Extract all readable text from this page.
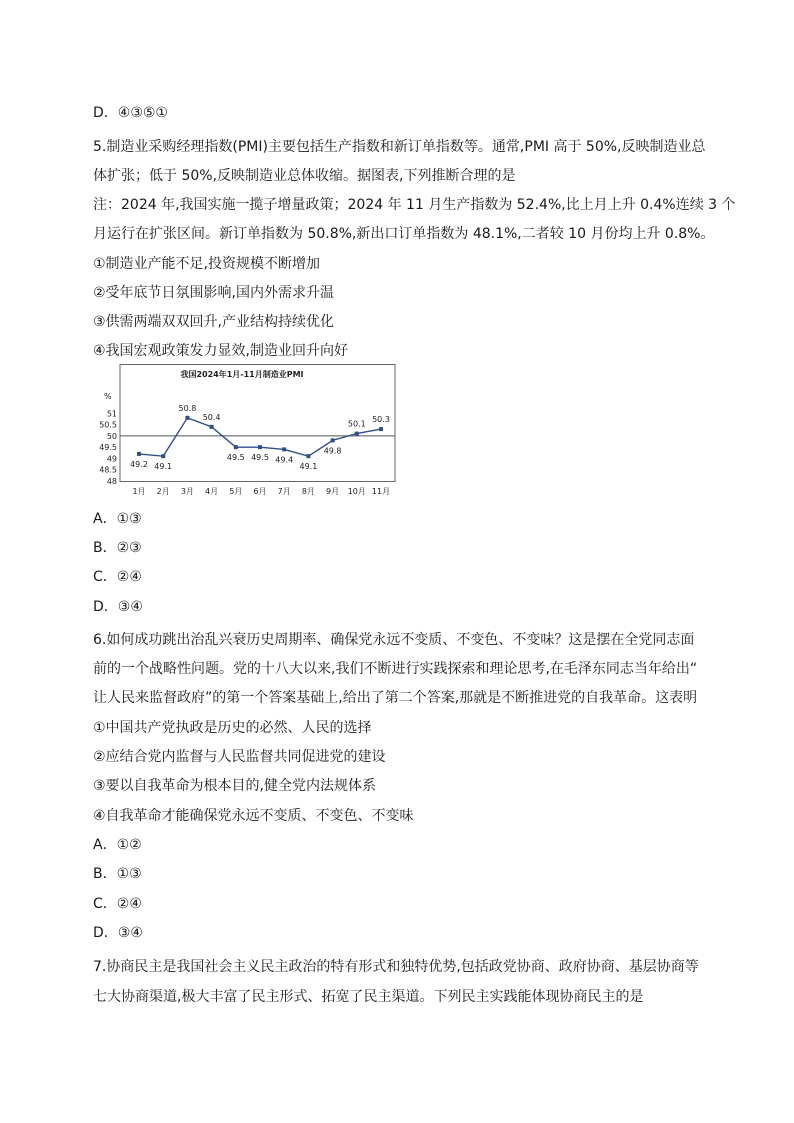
D．④③⑤①
5.制造业采购经理指数(PMI)主要包括生产指数和新订单指数等。通常,PMI 高于 50%,反映制造业总
体扩张；低于 50%,反映制造业总体收缩。据图表,下列推断合理的是
注：2024 年,我国实施一揽子增量政策；2024 年 11 月生产指数为 52.4%,比上月上升 0.4%连续 3 个
月运行在扩张区间。新订单指数为 50.8%,新出口订单指数为 48.1%,二者较 10 月份均上升 0.8%。
①制造业产能不足,投资规模不断增加
②受年底节日氛围影响,国内外需求升温
③供需两端双双回升,产业结构持续优化
④我国宏观政策发力显效,制造业回升向好
我国2024年1月-11月制造业PMI
%
51
50.5
50
49.5
49
48.5
48
49.2 49.1
50.8
50.4
49.5 49.5 49.4
49.1
49.8
50.1
50.3
1月 2月 3月 4月 5月 6月 7月 8月 9月 10月 11月
A．①③
B．②③
C．②④
D．③④
6.如何成功跳出治乱兴衰历史周期率、确保党永远不变质、不变色、不变味？这是摆在全党同志面
前的一个战略性问题。党的十八大以来,我们不断进行实践探索和理论思考,在毛泽东同志当年给出“
让人民来监督政府”的第一个答案基础上,给出了第二个答案,那就是不断推进党的自我革命。这表明
①中国共产党执政是历史的必然、人民的选择
②应结合党内监督与人民监督共同促进党的建设
③要以自我革命为根本目的,健全党内法规体系
④自我革命才能确保党永远不变质、不变色、不变味
A．①②
B．①③
C．②④
D．③④
7.协商民主是我国社会主义民主政治的特有形式和独特优势,包括政党协商、政府协商、基层协商等
七大协商渠道,极大丰富了民主形式、拓宽了民主渠道。下列民主实践能体现协商民主的是
